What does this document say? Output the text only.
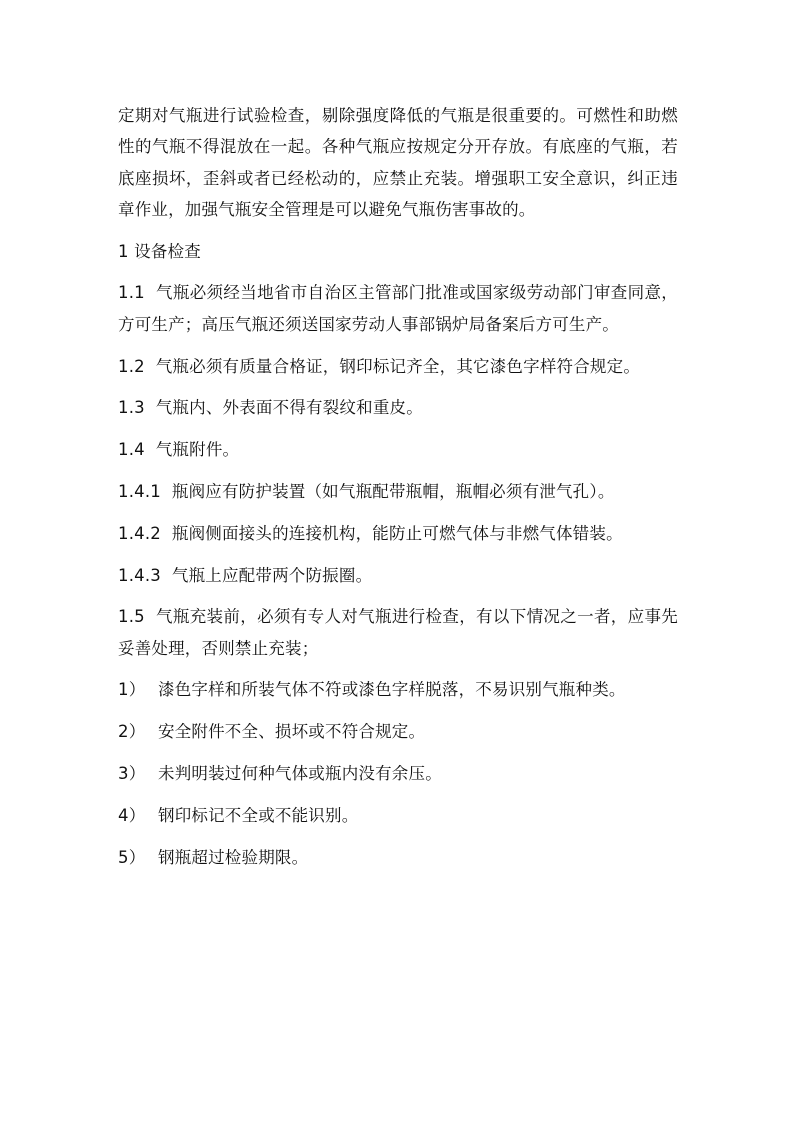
定期对气瓶进行试验检查，剔除强度降低的气瓶是很重要的。可燃性和助燃性的气瓶不得混放在一起。各种气瓶应按规定分开存放。有底座的气瓶，若底座损坏，歪斜或者已经松动的，应禁止充装。增强职工安全意识，纠正违章作业，加强气瓶安全管理是可以避免气瓶伤害事故的。

1 设备检查

1.1 气瓶必须经当地省市自治区主管部门批准或国家级劳动部门审查同意，方可生产；高压气瓶还须送国家劳动人事部锅炉局备案后方可生产。

1.2 气瓶必须有质量合格证，钢印标记齐全，其它漆色字样符合规定。

1.3 气瓶内、外表面不得有裂纹和重皮。

1.4 气瓶附件。

1.4.1 瓶阀应有防护装置（如气瓶配带瓶帽，瓶帽必须有泄气孔）。

1.4.2 瓶阀侧面接头的连接机构，能防止可燃气体与非燃气体错装。

1.4.3 气瓶上应配带两个防振圈。

1.5 气瓶充装前，必须有专人对气瓶进行检查，有以下情况之一者，应事先妥善处理，否则禁止充装；

1） 漆色字样和所装气体不符或漆色字样脱落，不易识别气瓶种类。

2） 安全附件不全、损坏或不符合规定。

3） 未判明装过何种气体或瓶内没有余压。

4） 钢印标记不全或不能识别。

5） 钢瓶超过检验期限。
